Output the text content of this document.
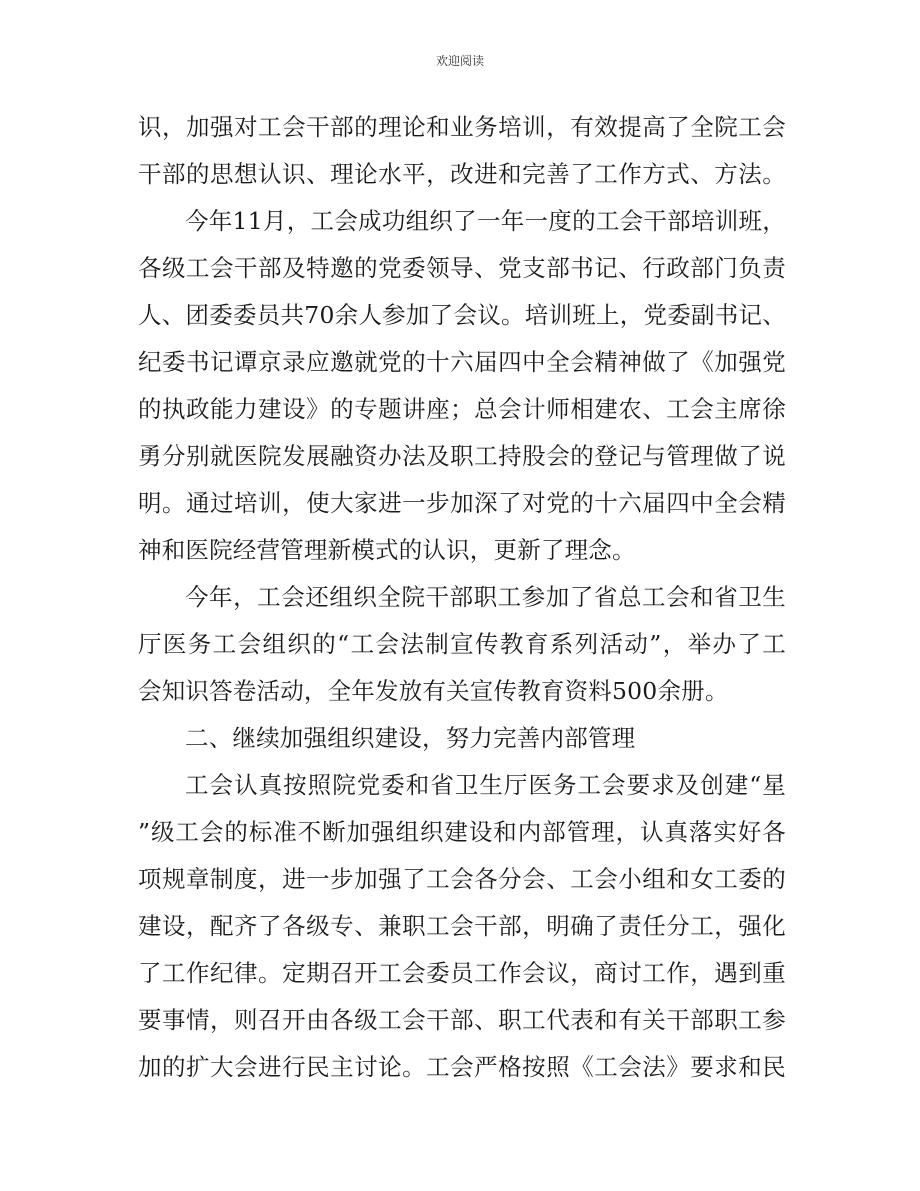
欢迎阅读
识，加强对工会干部的理论和业务培训，有效提高了全院工会
干部的思想认识、理论水平，改进和完善了工作方式、方法。
今年11月，工会成功组织了一年一度的工会干部培训班，
各级工会干部及特邀的党委领导、党支部书记、行政部门负责
人、团委委员共70余人参加了会议。培训班上，党委副书记、
纪委书记谭京录应邀就党的十六届四中全会精神做了《加强党
的执政能力建设》的专题讲座；总会计师相建农、工会主席徐
勇分别就医院发展融资办法及职工持股会的登记与管理做了说
明。通过培训，使大家进一步加深了对党的十六届四中全会精
神和医院经营管理新模式的认识，更新了理念。
今年，工会还组织全院干部职工参加了省总工会和省卫生
厅医务工会组织的“工会法制宣传教育系列活动”，举办了工
会知识答卷活动，全年发放有关宣传教育资料500余册。
二、继续加强组织建设，努力完善内部管理
工会认真按照院党委和省卫生厅医务工会要求及创建“星
”级工会的标准不断加强组织建设和内部管理，认真落实好各
项规章制度，进一步加强了工会各分会、工会小组和女工委的
建设，配齐了各级专、兼职工会干部，明确了责任分工，强化
了工作纪律。定期召开工会委员工作会议，商讨工作，遇到重
要事情，则召开由各级工会干部、职工代表和有关干部职工参
加的扩大会进行民主讨论。工会严格按照《工会法》要求和民
